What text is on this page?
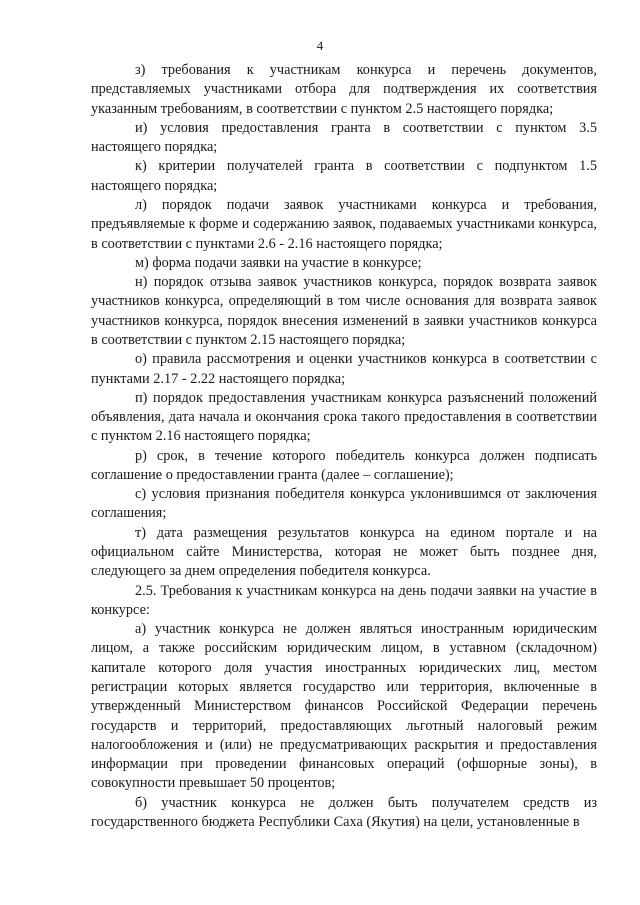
4

з) требования к участникам конкурса и перечень документов, представляемых участниками отбора для подтверждения их соответствия указанным требованиям, в соответствии с пунктом 2.5 настоящего порядка;

и) условия предоставления гранта в соответствии с пунктом 3.5 настоящего порядка;

к) критерии получателей гранта в соответствии с подпунктом 1.5 настоящего порядка;

л) порядок подачи заявок участниками конкурса и требования, предъявляемые к форме и содержанию заявок, подаваемых участниками конкурса, в соответствии с пунктами 2.6 - 2.16 настоящего порядка;

м) форма подачи заявки на участие в конкурсе;

н) порядок отзыва заявок участников конкурса, порядок возврата заявок участников конкурса, определяющий в том числе основания для возврата заявок участников конкурса, порядок внесения изменений в заявки участников конкурса в соответствии с пунктом 2.15 настоящего порядка;

о) правила рассмотрения и оценки участников конкурса в соответствии с пунктами 2.17 - 2.22 настоящего порядка;

п) порядок предоставления участникам конкурса разъяснений положений объявления, дата начала и окончания срока такого предоставления в соответствии с пунктом 2.16 настоящего порядка;

р) срок, в течение которого победитель конкурса должен подписать соглашение о предоставлении гранта (далее – соглашение);

с) условия признания победителя конкурса уклонившимся от заключения соглашения;

т) дата размещения результатов конкурса на едином портале и на официальном сайте Министерства, которая не может быть позднее дня, следующего за днем определения победителя конкурса.

2.5. Требования к участникам конкурса на день подачи заявки на участие в конкурсе:

а) участник конкурса не должен являться иностранным юридическим лицом, а также российским юридическим лицом, в уставном (складочном) капитале которого доля участия иностранных юридических лиц, местом регистрации которых является государство или территория, включенные в утвержденный Министерством финансов Российской Федерации перечень государств и территорий, предоставляющих льготный налоговый режим налогообложения и (или) не предусматривающих раскрытия и предоставления информации при проведении финансовых операций (офшорные зоны), в совокупности превышает 50 процентов;

б) участник конкурса не должен быть получателем средств из государственного бюджета Республики Саха (Якутия) на цели, установленные в
